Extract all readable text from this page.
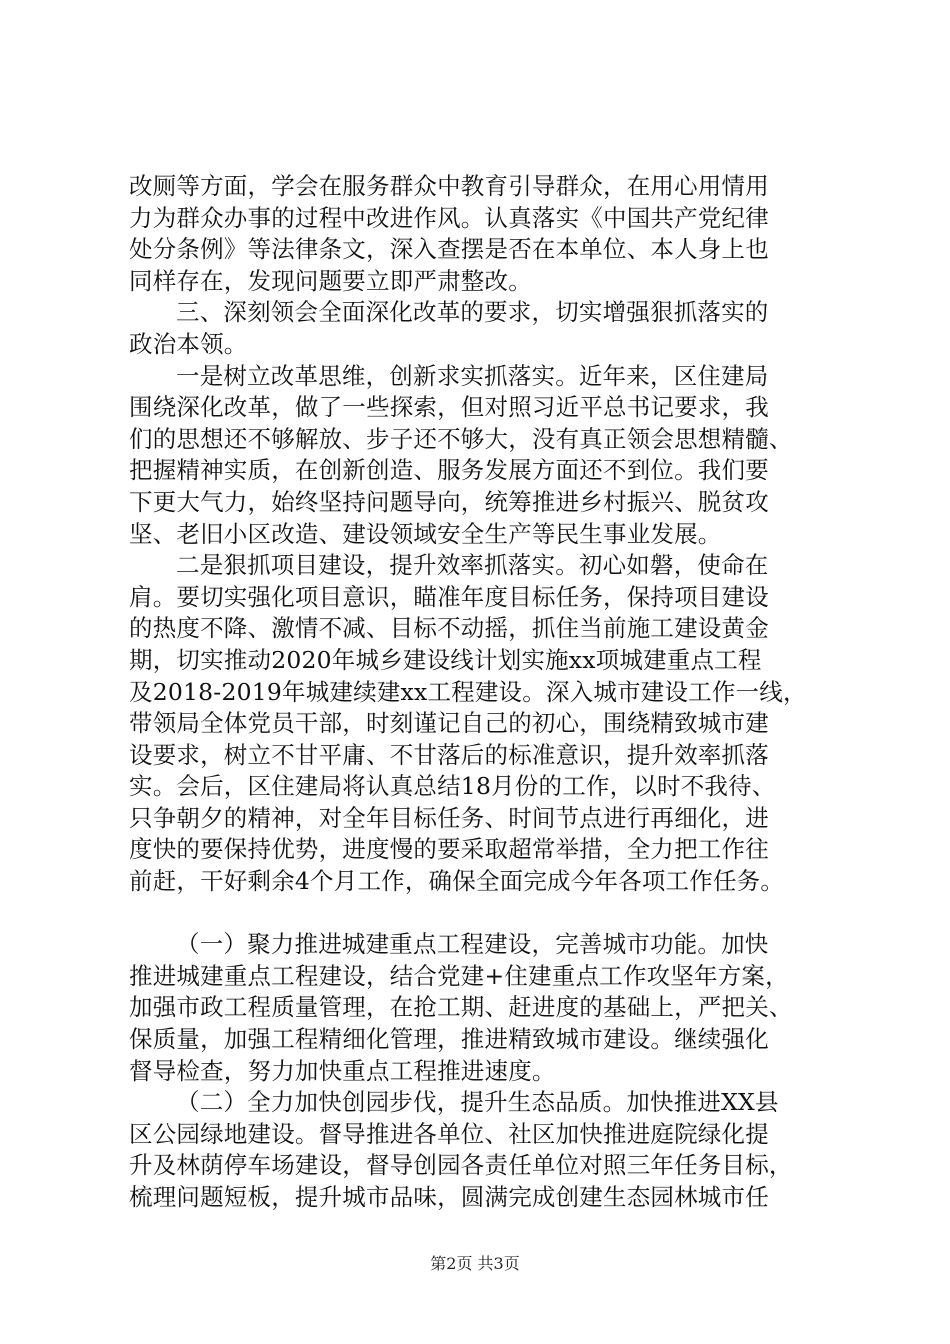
改厕等方面，学会在服务群众中教育引导群众，在用心用情用
力为群众办事的过程中改进作风。认真落实《中国共产党纪律
处分条例》等法律条文，深入查摆是否在本单位、本人身上也
同样存在，发现问题要立即严肃整改。
三、深刻领会全面深化改革的要求，切实增强狠抓落实的
政治本领。
一是树立改革思维，创新求实抓落实。近年来，区住建局
围绕深化改革，做了一些探索，但对照习近平总书记要求，我
们的思想还不够解放、步子还不够大，没有真正领会思想精髓、
把握精神实质，在创新创造、服务发展方面还不到位。我们要
下更大气力，始终坚持问题导向，统筹推进乡村振兴、脱贫攻
坚、老旧小区改造、建设领域安全生产等民生事业发展。
二是狠抓项目建设，提升效率抓落实。初心如磐，使命在
肩。要切实强化项目意识，瞄准年度目标任务，保持项目建设
的热度不降、激情不减、目标不动摇，抓住当前施工建设黄金
期，切实推动2020年城乡建设线计划实施xx项城建重点工程
及2018-2019年城建续建xx工程建设。深入城市建设工作一线，
带领局全体党员干部，时刻谨记自己的初心，围绕精致城市建
设要求，树立不甘平庸、不甘落后的标准意识，提升效率抓落
实。会后，区住建局将认真总结18月份的工作，以时不我待、
只争朝夕的精神，对全年目标任务、时间节点进行再细化，进
度快的要保持优势，进度慢的要采取超常举措，全力把工作往
前赶，干好剩余4个月工作，确保全面完成今年各项工作任务。
（一）聚力推进城建重点工程建设，完善城市功能。加快
推进城建重点工程建设，结合党建+住建重点工作攻坚年方案，
加强市政工程质量管理，在抢工期、赶进度的基础上，严把关、
保质量，加强工程精细化管理，推进精致城市建设。继续强化
督导检查，努力加快重点工程推进速度。
（二）全力加快创园步伐，提升生态品质。加快推进XX县
区公园绿地建设。督导推进各单位、社区加快推进庭院绿化提
升及林荫停车场建设，督导创园各责任单位对照三年任务目标，
梳理问题短板，提升城市品味，圆满完成创建生态园林城市任
第2页 共3页
